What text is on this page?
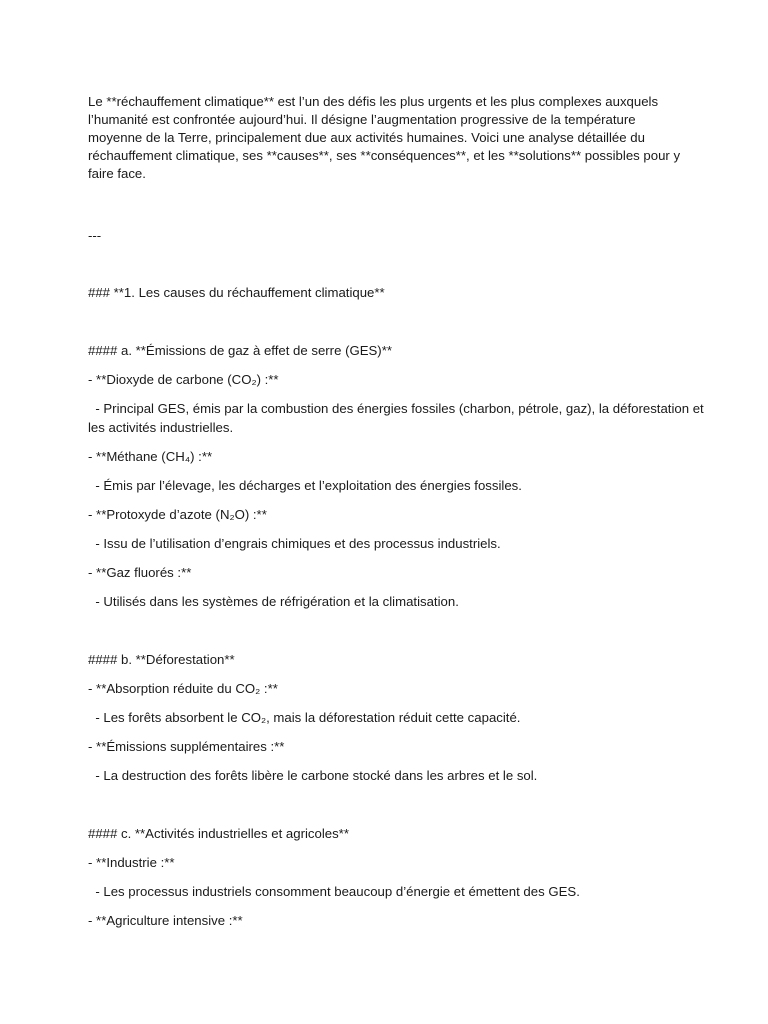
Le **réchauffement climatique** est l’un des défis les plus urgents et les plus complexes auxquels
l’humanité est confrontée aujourd’hui. Il désigne l’augmentation progressive de la température
moyenne de la Terre, principalement due aux activités humaines. Voici une analyse détaillée du
réchauffement climatique, ses **causes**, ses **conséquences**, et les **solutions** possibles pour y
faire face.
---
### **1. Les causes du réchauffement climatique**
#### a. **Émissions de gaz à effet de serre (GES)**
- **Dioxyde de carbone (CO₂) :**
- Principal GES, émis par la combustion des énergies fossiles (charbon, pétrole, gaz), la déforestation et
les activités industrielles.
- **Méthane (CH₄) :**
- Émis par l’élevage, les décharges et l’exploitation des énergies fossiles.
- **Protoxyde d’azote (N₂O) :**
- Issu de l’utilisation d’engrais chimiques et des processus industriels.
- **Gaz fluorés :**
- Utilisés dans les systèmes de réfrigération et la climatisation.
#### b. **Déforestation**
- **Absorption réduite du CO₂ :**
- Les forêts absorbent le CO₂, mais la déforestation réduit cette capacité.
- **Émissions supplémentaires :**
- La destruction des forêts libère le carbone stocké dans les arbres et le sol.
#### c. **Activités industrielles et agricoles**
- **Industrie :**
- Les processus industriels consomment beaucoup d’énergie et émettent des GES.
- **Agriculture intensive :**
